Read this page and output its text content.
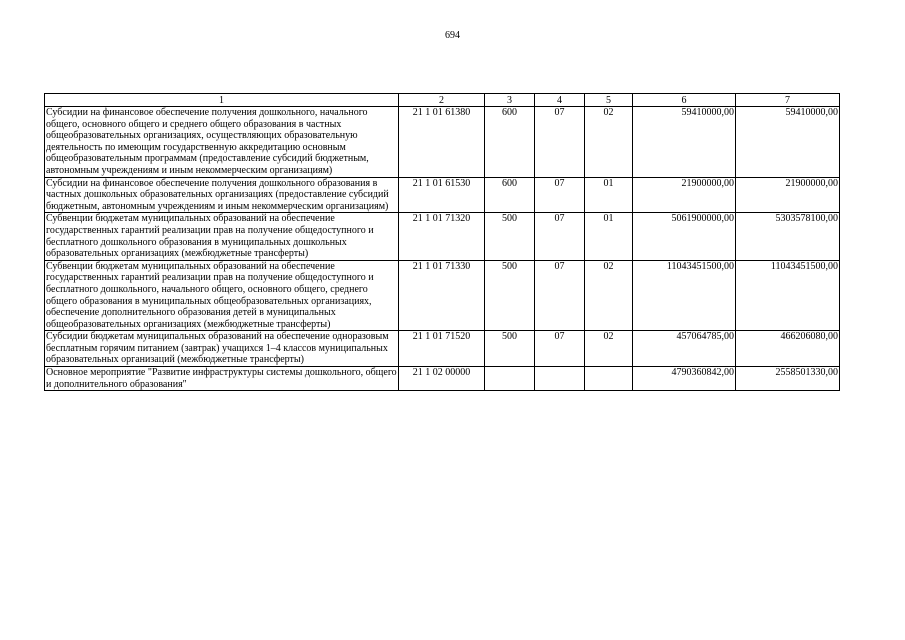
694
1	2	3	4	5	6	7
Субсидии на финансовое обеспечение получения дошкольного, начального общего, основного общего и среднего общего образования в частных общеобразовательных организациях, осуществляющих образовательную деятельность по имеющим государственную аккредитацию основным общеобразовательным программам (предоставление субсидий бюджетным, автономным учреждениям и иным некоммерческим организациям)	21 1 01 61380	600	07	02	59410000,00	59410000,00
Субсидии на финансовое обеспечение получения дошкольного образования в частных дошкольных образовательных организациях (предоставление субсидий бюджетным, автономным учреждениям и иным некоммерческим организациям)	21 1 01 61530	600	07	01	21900000,00	21900000,00
Субвенции бюджетам муниципальных образований на обеспечение государственных гарантий реализации прав на получение общедоступного и бесплатного дошкольного образования в муниципальных дошкольных образовательных организациях (межбюджетные трансферты)	21 1 01 71320	500	07	01	5061900000,00	5303578100,00
Субвенции бюджетам муниципальных образований на обеспечение государственных гарантий реализации прав на получение общедоступного и бесплатного дошкольного, начального общего, основного общего, среднего общего образования в муниципальных общеобразовательных организациях, обеспечение дополнительного образования детей в муниципальных общеобразовательных организациях (межбюджетные трансферты)	21 1 01 71330	500	07	02	11043451500,00	11043451500,00
Субсидии бюджетам муниципальных образований на обеспечение одноразовым бесплатным горячим питанием (завтрак) учащихся 1–4 классов муниципальных образовательных организаций (межбюджетные трансферты)	21 1 01 71520	500	07	02	457064785,00	466206080,00
Основное мероприятие "Развитие инфраструктуры системы дошкольного, общего и дополнительного образования"	21 1 02 00000				4790360842,00	2558501330,00
